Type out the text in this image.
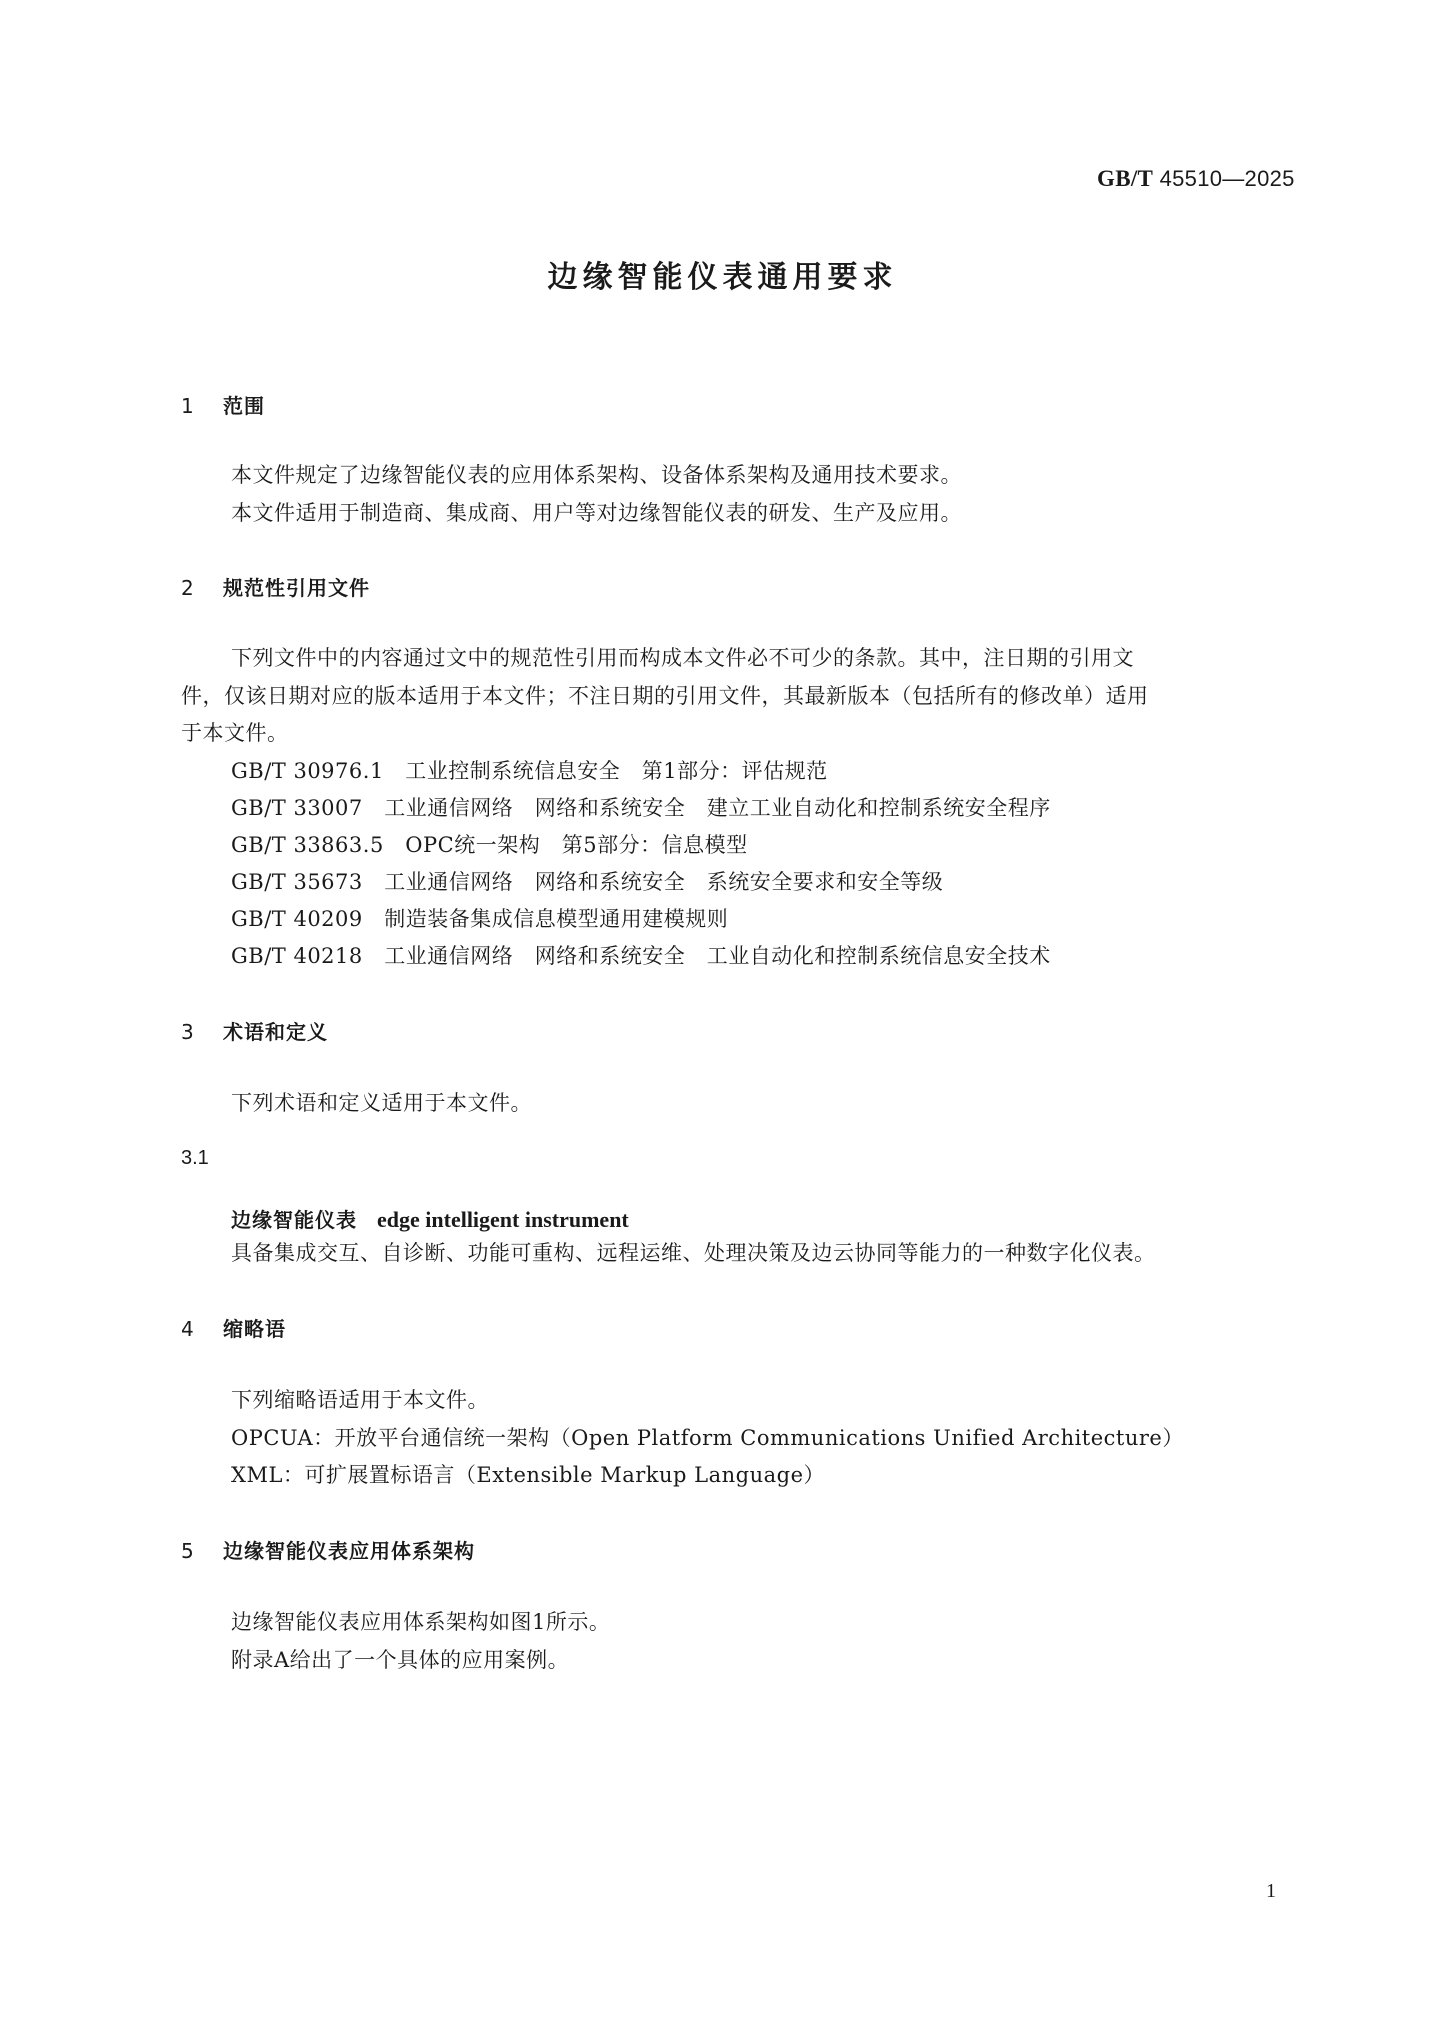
GB/T 45510—2025
边缘智能仪表通用要求
1 范围
本文件规定了边缘智能仪表的应用体系架构、设备体系架构及通用技术要求。
本文件适用于制造商、集成商、用户等对边缘智能仪表的研发、生产及应用。
2 规范性引用文件
下列文件中的内容通过文中的规范性引用而构成本文件必不可少的条款。其中，注日期的引用文
件，仅该日期对应的版本适用于本文件；不注日期的引用文件，其最新版本（包括所有的修改单）适用
于本文件。
GB/T 30976.1　工业控制系统信息安全　第1部分：评估规范
GB/T 33007　工业通信网络　网络和系统安全　建立工业自动化和控制系统安全程序
GB/T 33863.5　OPC统一架构　第5部分：信息模型
GB/T 35673　工业通信网络　网络和系统安全　系统安全要求和安全等级
GB/T 40209　制造装备集成信息模型通用建模规则
GB/T 40218　工业通信网络　网络和系统安全　工业自动化和控制系统信息安全技术
3 术语和定义
下列术语和定义适用于本文件。
3.1
边缘智能仪表 edge intelligent instrument
具备集成交互、自诊断、功能可重构、远程运维、处理决策及边云协同等能力的一种数字化仪表。
4 缩略语
下列缩略语适用于本文件。
OPCUA：开放平台通信统一架构（Open Platform Communications Unified Architecture）
XML：可扩展置标语言（Extensible Markup Language）
5 边缘智能仪表应用体系架构
边缘智能仪表应用体系架构如图1所示。
附录A给出了一个具体的应用案例。
1
